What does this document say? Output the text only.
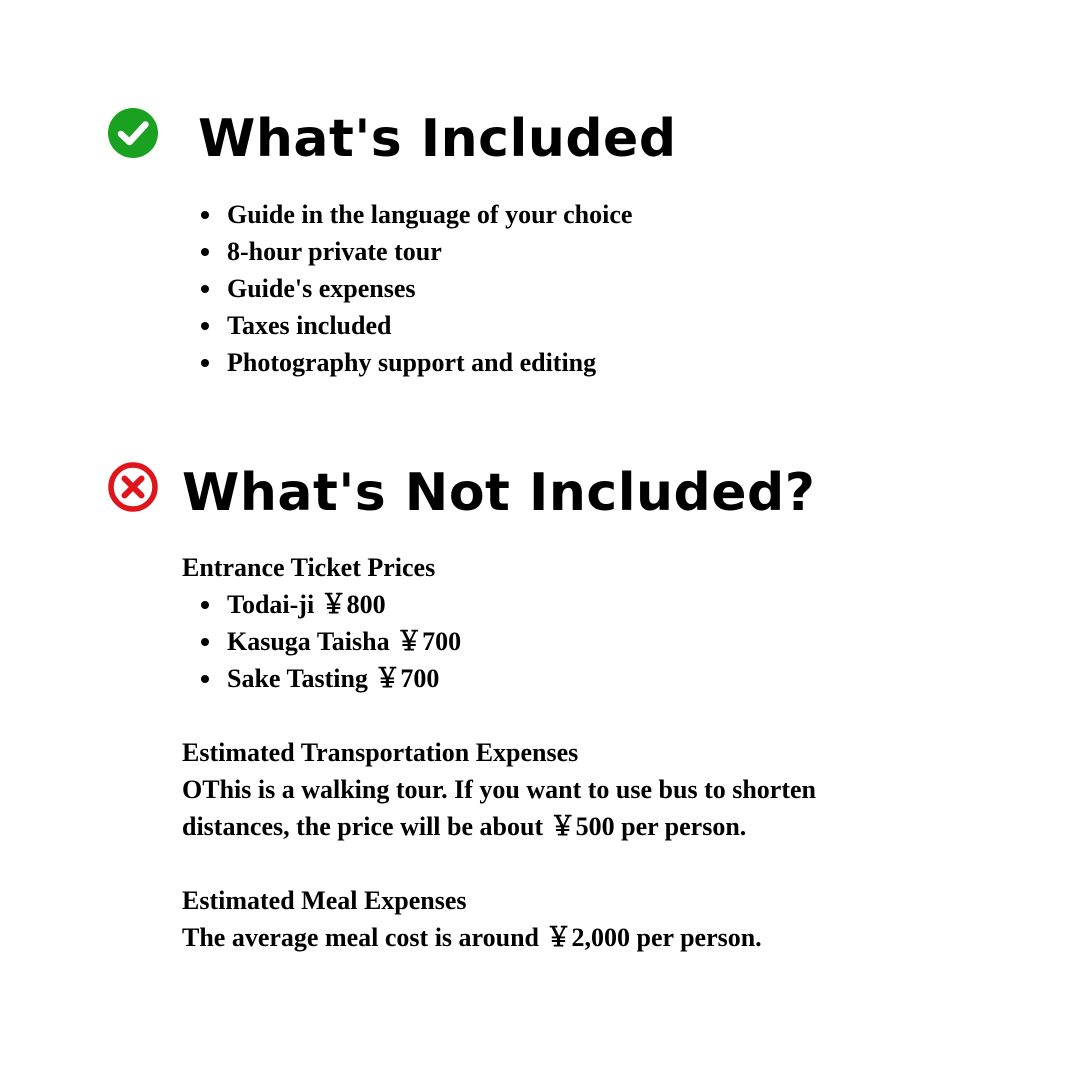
What's Included
Guide in the language of your choice
8-hour private tour
Guide's expenses
Taxes included
Photography support and editing
What's Not Included?

Entrance Ticket Prices

Todai-ji ￥800
Kasuga Taisha ￥700
Sake Tasting ￥700
Estimated Transportation Expenses
OThis is a walking tour. If you want to use bus to shorten
distances, the price will be about ￥500 per person.
Estimated Meal Expenses
The average meal cost is around ￥2,000 per person.
